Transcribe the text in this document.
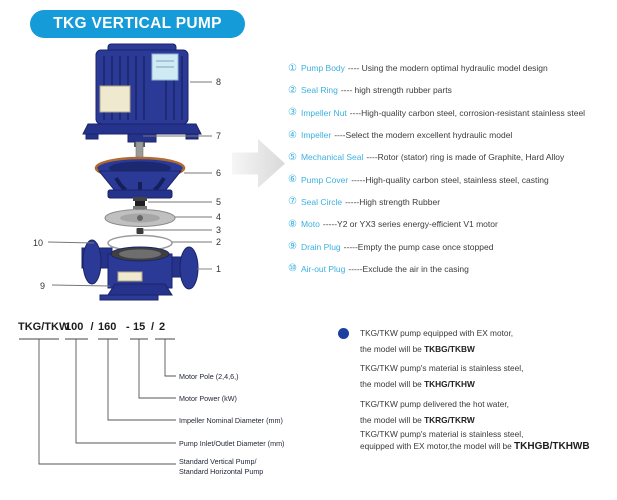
TKG VERTICAL PUMP
8
7
6
5
4
3
2
1
10
9
① Pump Body ---- Using the modern optimal hydraulic model design
② Seal Ring ---- high strength rubber parts
③ Impeller Nut ----High-quality carbon steel, corrosion-resistant stainless steel
④ Impeller ----Select the modern excellent hydraulic model
⑤ Mechanical Seal ----Rotor (stator) ring is made of Graphite, Hard Alloy
⑥ Pump Cover -----High-quality carbon steel, stainless steel, casting
⑦ Seal Circle -----High strength Rubber
⑧ Moto -----Y2 or YX3 series energy-efficient V1 motor
⑨ Drain Plug -----Empty the pump case once stopped
⑩ Air-out Plug -----Exclude the air in the casing
TKG/TKW
100 / 160 - 15 / 2
Motor Pole (2,4,6,)
Motor Power (kW)
Impeller Nominal Diameter (mm)
Pump Inlet/Outlet Diameter (mm)
Standard Vertical Pump/
Standard Horizontal Pump
TKG/TKW pump equipped with EX motor,
the model will be TKBG/TKBW
TKG/TKW pump's material is stainless steel,
the model will be TKHG/TKHW
TKG/TKW pump delivered the hot water,
the model will be TKRG/TKRW
TKG/TKW pump's material is stainless steel,
equipped with EX motor,the model will be TKHGB/TKHWB
